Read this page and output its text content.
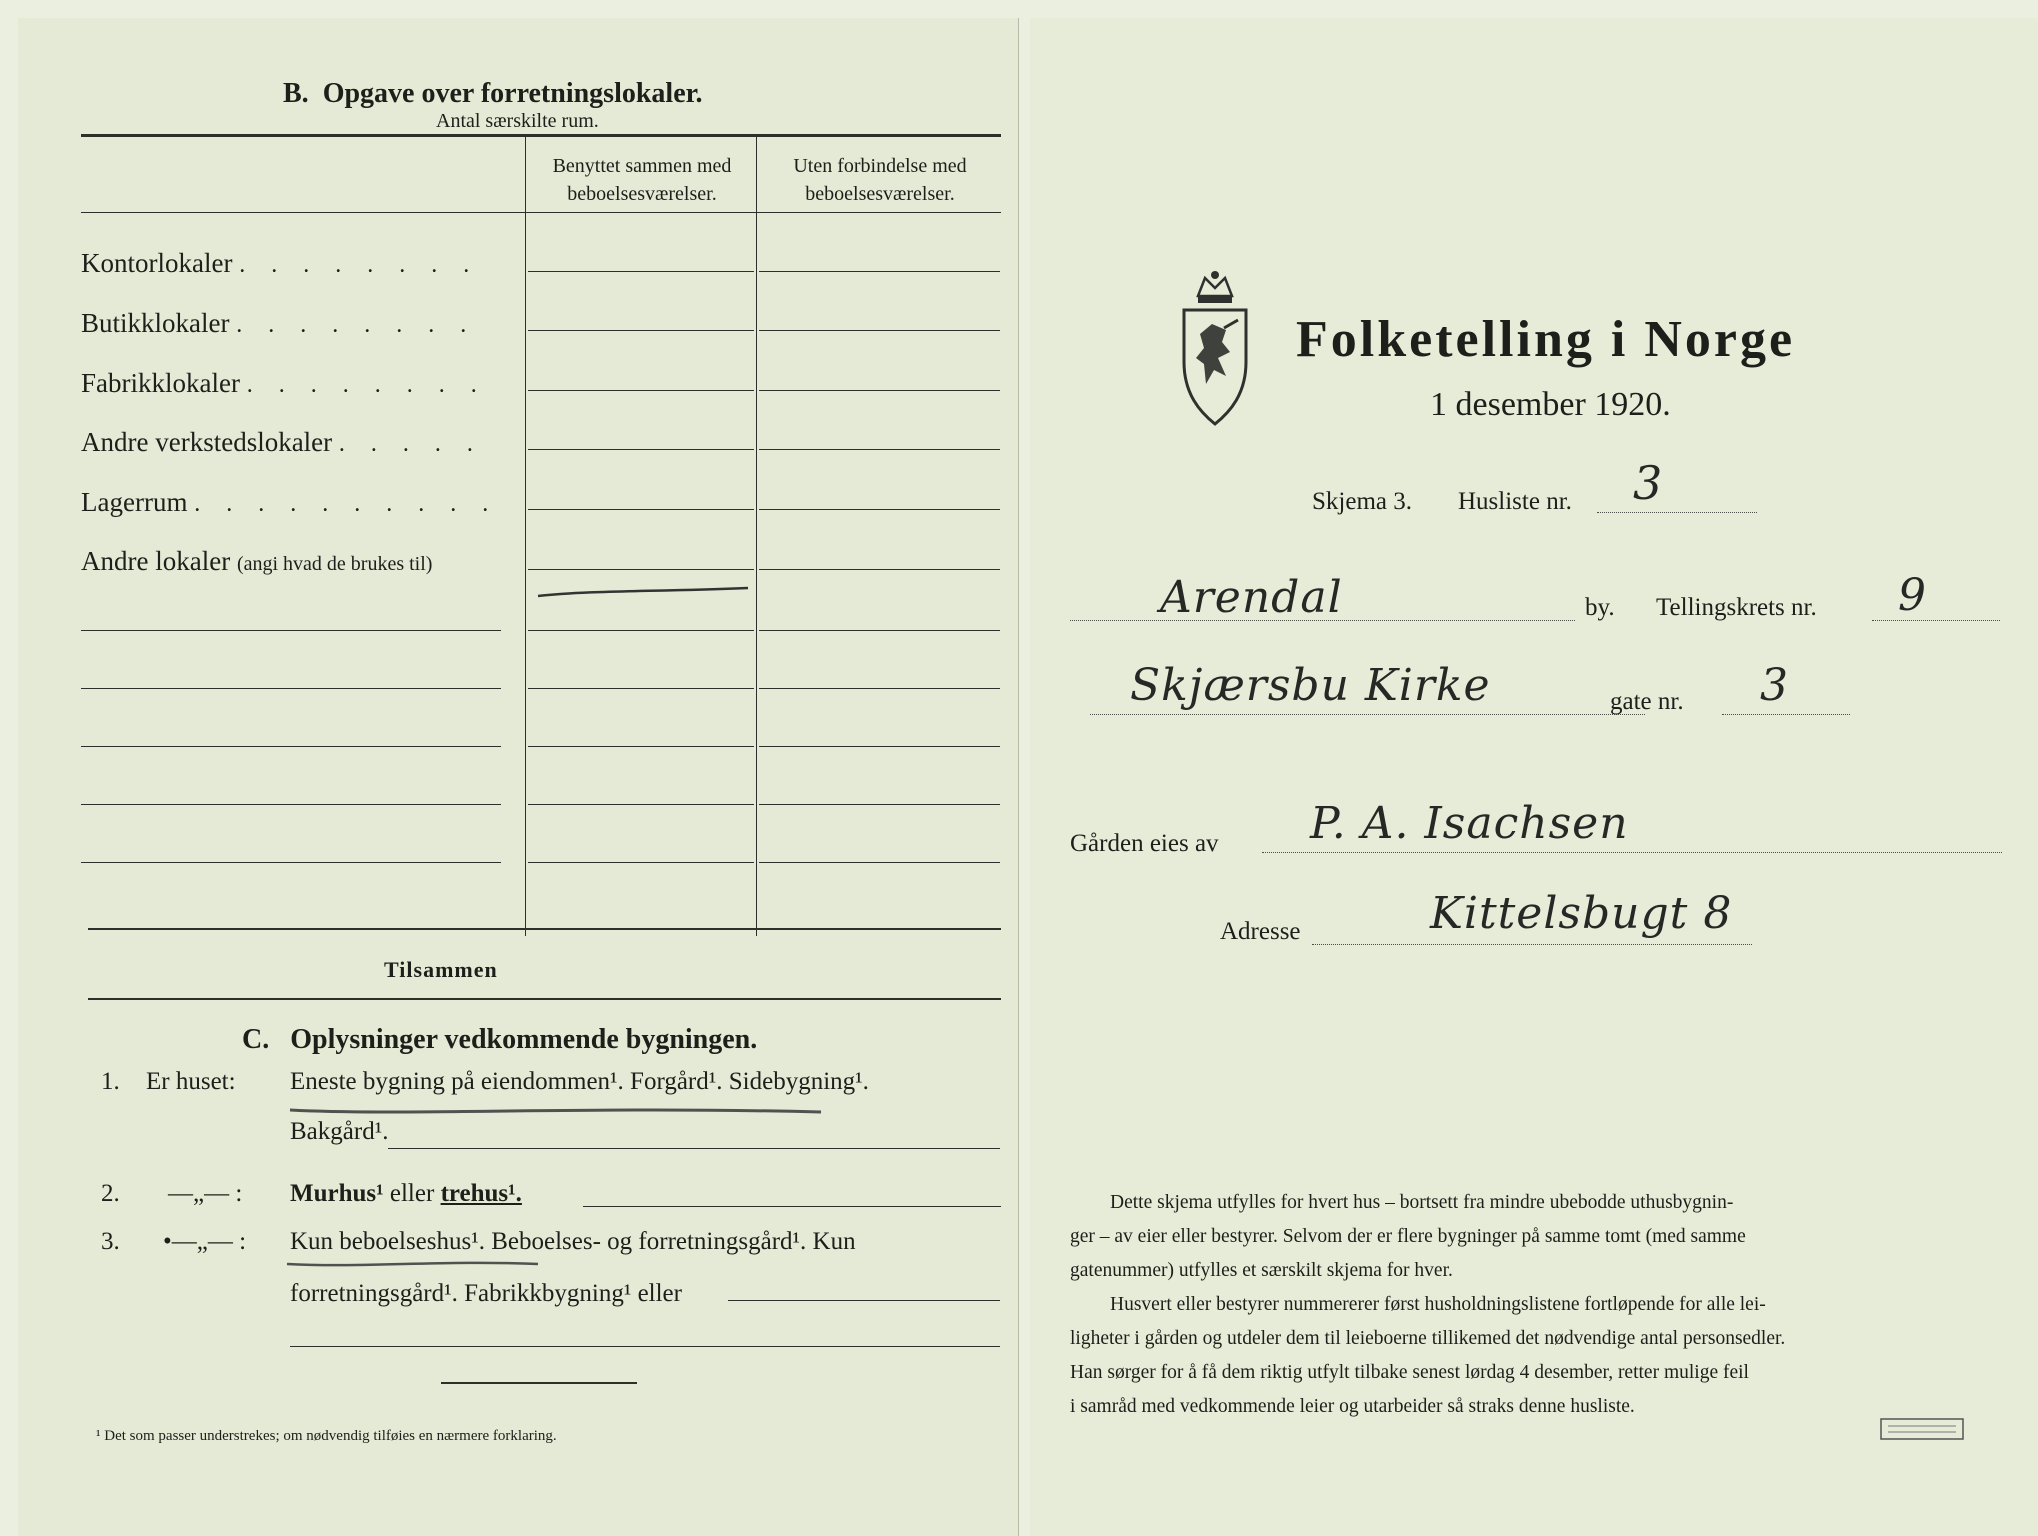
B. Opgave over forretningslokaler.
Antal særskilte rum.
Benyttet sammen med
beboelsesværelser.
Uten forbindelse med
beboelsesværelser.
Kontorlokaler . . . . . . . .
Butikklokaler . . . . . . . .
Fabrikklokaler . . . . . . . .
Andre verkstedslokaler . . . . .
Lagerrum . . . . . . . . . .
Andre lokaler (angi hvad de brukes til)
Tilsammen
C. Oplysninger vedkommende bygningen.
1. Er huset: Eneste bygning på eiendommen¹. Forgård¹. Sidebygning¹.
Bakgård¹.
2. —„— : Murhus¹ eller trehus¹.
3. •—„— : Kun beboelseshus¹. Beboelses- og forretningsgård¹. Kun
forretningsgård¹. Fabrikkbygning¹ eller
¹ Det som passer understrekes; om nødvendig tilføies en nærmere forklaring.
Folketelling i Norge
1 desember 1920.
Skjema 3. Husliste nr. 3
Arendal	by. Tellingskrets nr. 9
Skjærsbu Kirke	gate nr. 3
Gården eies av P. A. Isachsen
Adresse	Kittelsbugt 8
Dette skjema utfylles for hvert hus – bortsett fra mindre ubebodde uthusbygnin-
ger – av eier eller bestyrer. Selvom der er flere bygninger på samme tomt (med samme
gatenummer) utfylles et særskilt skjema for hver.
Husvert eller bestyrer nummererer først husholdningslistene fortløpende for alle lei-
ligheter i gården og utdeler dem til leieboerne tillikemed det nødvendige antal personsedler.
Han sørger for å få dem riktig utfylt tilbake senest lørdag 4 desember, retter mulige feil
i samråd med vedkommende leier og utarbeider så straks denne husliste.
